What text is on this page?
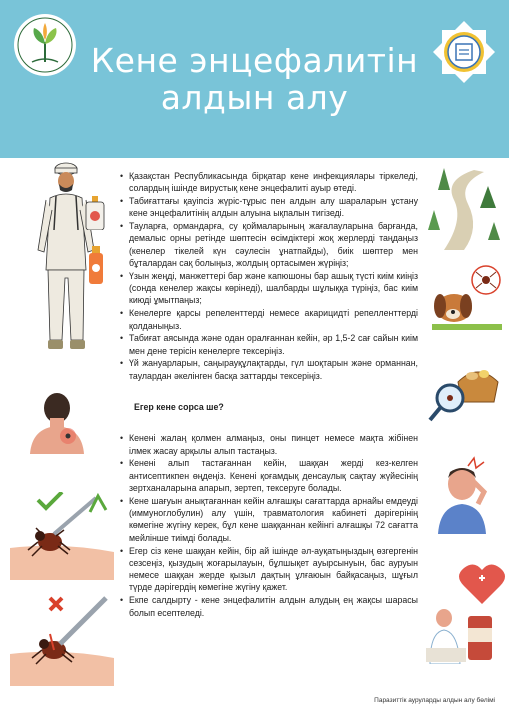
Кене энцефалитін
алдын алу
• Қазақстан Республикасында бірқатар кене инфекциялары тіркеледі, солардың ішінде вирустық кене энцефалиті ауыр өтеді.
• Табиғаттағы қауіпсіз жүріс-тұрыс пен алдын алу шараларын ұстану кене энцефалитінің алдын алуына ықпалын тигізеді.
• Тауларға, ормандарға, су қоймаларының жағалауларына барғанда, демалыс орны ретінде шөптесін өсімдіктері жоқ жерлерді таңдаңыз (кенелер тікелей күн сәулесін ұнатпайды), биік шөптер мен бұталардан сақ болыңыз, жолдың ортасымен жүріңіз;
• Үзын жеңді, манжеттері бар және капюшоны бар ашық түсті киім киіңіз (сонда кенелер жақсы көрінеді), шалбарды шұлыққа түріңіз, бас киім киюді ұмытпаңыз;
• Кенелерге қарсы репеленттерді немесе акарицидті репелленттерді қолданыңыз.
• Табиғат аясында және одан оралғаннан кейін, әр 1,5-2 сағ сайын киім мен дене терісін кенелерге тексеріңіз.
• Үй жануарларын, саңырауқұлақтарды, гүл шоқтарын және орманнан, таулардан әкелінген басқа заттарды тексеріңіз.
Егер кене сорса ше?
• Кенені жалаң қолмен алмаңыз, оны пинцет немесе мақта жібінен ілмек жасау арқылы алып тастаңыз.
• Кенені алып тастағаннан кейін, шаққан жерді кез-келген антисептикпен өңдеңіз. Кенені қоғамдық денсаулық сақтау жүйесінің зертханаларына апарып, зертеп, тексеруге болады.
• Кене шағуын анықтағаннан кейін алғашқы сағаттарда арнайы емдеуді (иммуноглобулин) алу үшін, травматология кабинеті дәрігерінің көмегіне жүгіну керек, бұл кене шаққаннан кейінгі алғашқы 72 сағатта мейлінше тиімді болады.
• Егер сіз кене шаққан кейін, бір ай ішінде әл-ауқатыңыздың өзгергенін сезсеңіз, қызудың жоғарылауын, бұлшықет ауырсынуын, бас ауруын немесе шаққан жерде қызыл дақтың ұлғаюын байқасаңыз, шұғыл түрде дәрігердің көмегіне жүгіну қажет.
• Екпе салдырту - кене энцефалитін алдын алудың ең жақсы шарасы болып есептеледі.
Паразиттік ауруларды алдын алу бөлімі
